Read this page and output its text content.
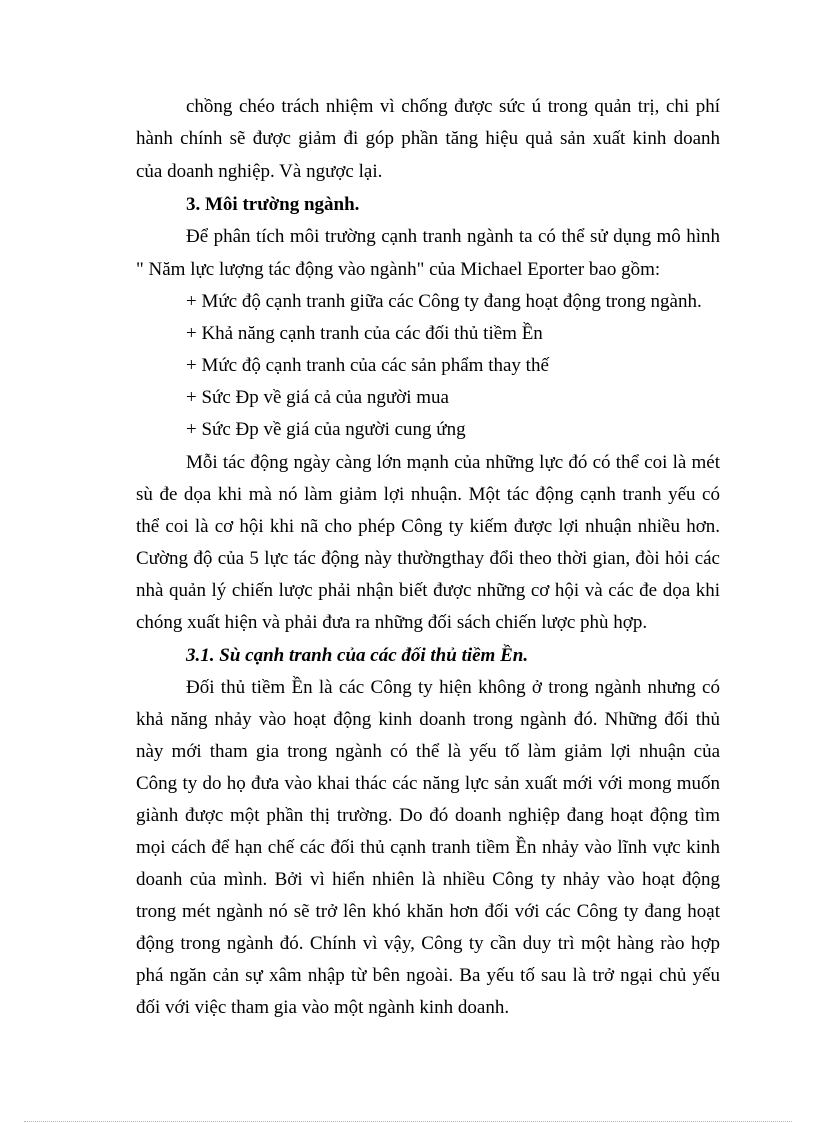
chồng chéo trách nhiệm vì chống được sức ú trong quản trị, chi phí
hành chính sẽ được giảm đi góp phần tăng hiệu quả sản xuất kinh doanh
của doanh nghiệp. Và ngược lại.
3. Môi trường ngành.
Để phân tích môi trường cạnh tranh ngành ta có thể sử dụng mô hình
" Năm lực lượng tác động vào ngành" của Michael Eporter bao gồm:
+ Mức độ cạnh tranh giữa các Công ty đang hoạt động trong ngành.
+ Khả năng cạnh tranh của các đối thủ tiềm Ền
+ Mức độ cạnh tranh của các sản phẩm thay thế
+ Sức Ðp về giá cả của người mua
+ Sức Ðp về giá của người cung ứng
Mỗi tác động ngày càng lớn mạnh của những lực đó có thể coi là mét
sù đe dọa khi mà nó làm giảm lợi nhuận. Một tác động cạnh tranh yếu có
thể coi là cơ hội khi nã cho phép Công ty kiếm được lợi nhuận nhiều hơn.
Cường độ của 5 lực tác động này thườngthay đổi theo thời gian, đòi hỏi các
nhà quản lý chiến lược phải nhận biết được những cơ hội và các đe dọa khi
chóng xuất hiện và phải đưa ra những đối sách chiến lược phù hợp.
3.1. Sù cạnh tranh của các đối thủ tiềm Ền.
Đối thủ tiềm Ền là các Công ty hiện không ở trong ngành nhưng có
khả năng nhảy vào hoạt động kinh doanh trong ngành đó. Những đối thủ
này mới tham gia trong ngành có thể là yếu tố làm giảm lợi nhuận của
Công ty do họ đưa vào khai thác các năng lực sản xuất mới với mong muốn
giành được một phần thị trường. Do đó doanh nghiệp đang hoạt động tìm
mọi cách để hạn chế các đối thủ cạnh tranh tiềm Ền nhảy vào lĩnh vực kinh
doanh của mình. Bởi vì hiển nhiên là nhiều Công ty nhảy vào hoạt động
trong mét ngành nó sẽ trở lên khó khăn hơn đối với các Công ty đang hoạt
động trong ngành đó. Chính vì vậy, Công ty cần duy trì một hàng rào hợp
phá ngăn cản sự xâm nhập từ bên ngoài. Ba yếu tố sau là trở ngại chủ yếu
đối với việc tham gia vào một ngành kinh doanh.
